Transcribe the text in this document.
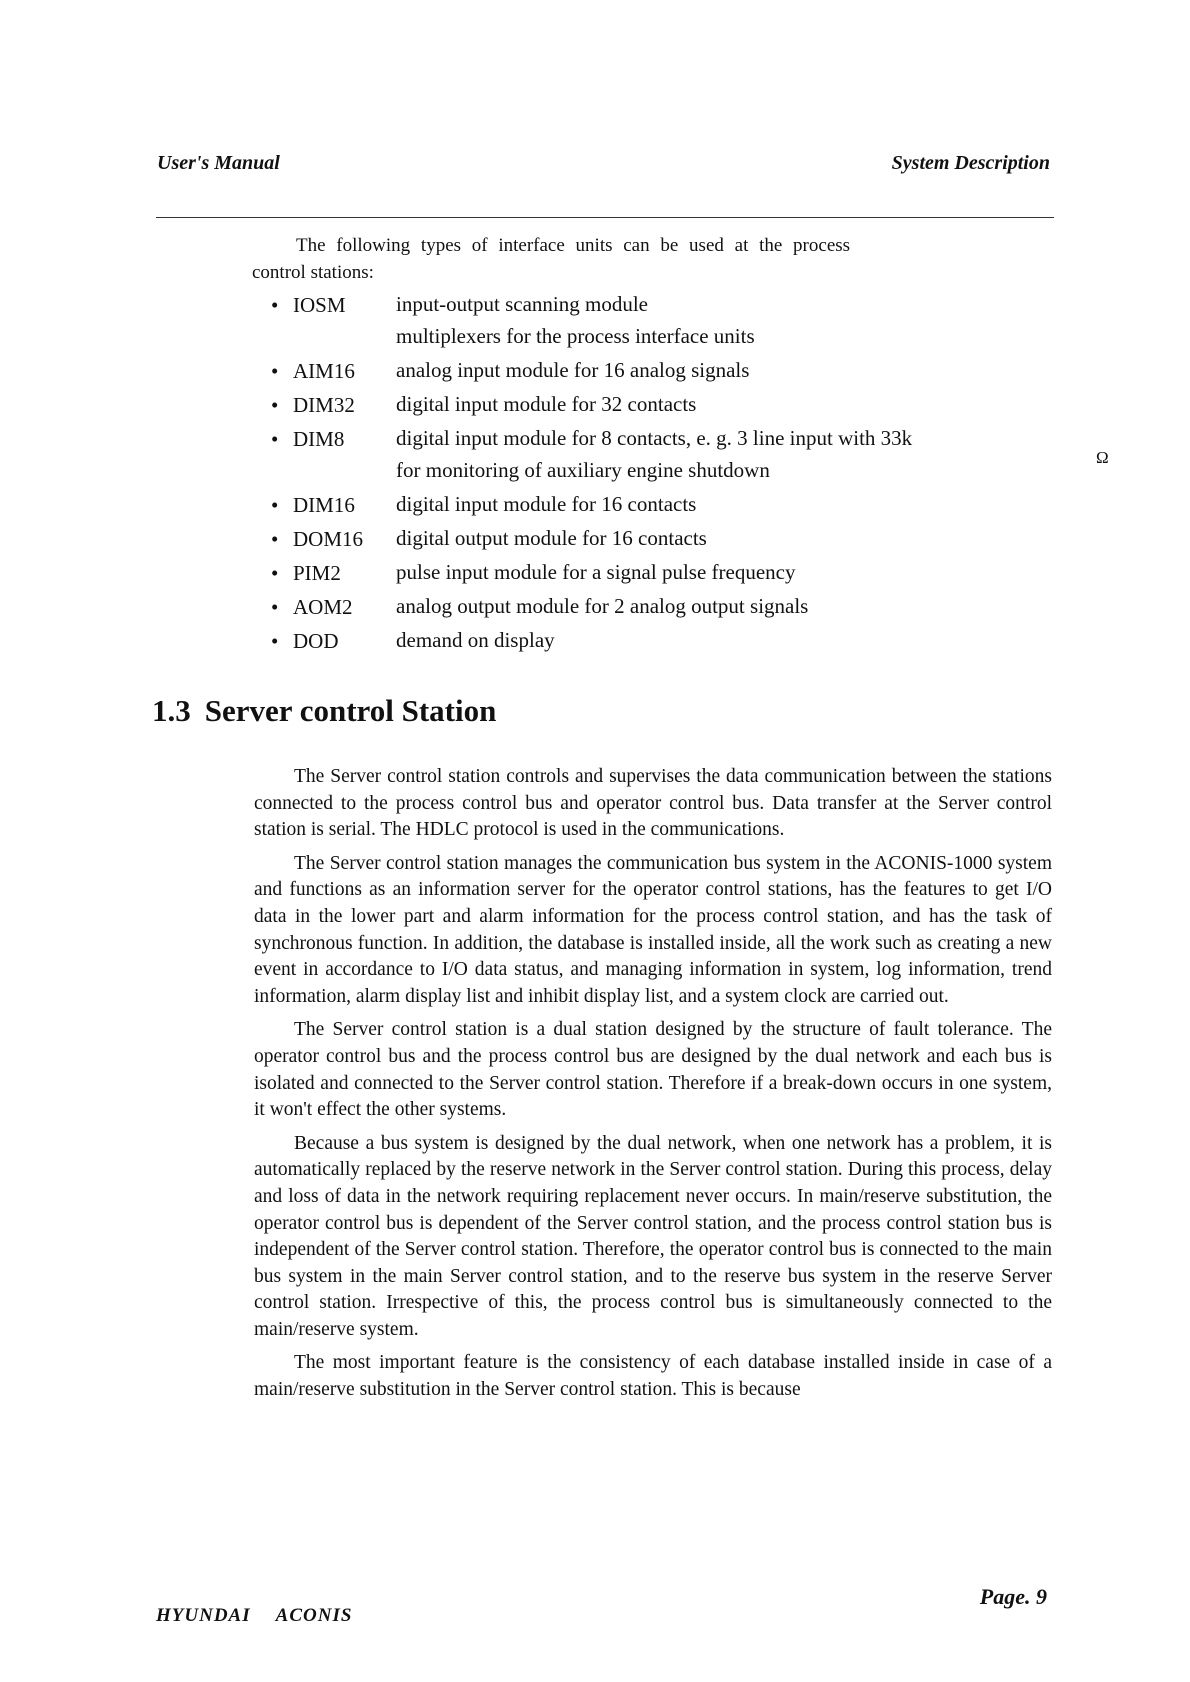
User's Manual	System Description
The following types of interface units can be used at the process
control stations:
• IOSM input-output scanning module
multiplexers for the process interface units
• AIM16 analog input module for 16 analog signals
• DIM32 digital input module for 32 contacts
• DIM8 digital input module for 8 contacts, e. g. 3 line input with 33k
for monitoring of auxiliary engine shutdown
Ω
• DIM16 digital input module for 16 contacts
• DOM16 digital output module for 16 contacts
• PIM2	pulse input module for a signal pulse frequency
• AOM2 analog output module for 2 analog output signals
• DOD	demand on display
1.3 Server control Station

The Server control station controls and supervises the data communication between the stations connected to the process control bus and operator control bus. Data transfer at the Server control station is serial. The HDLC protocol is used in the communications.

The Server control station manages the communication bus system in the ACONIS-1000 system and functions as an information server for the operator control stations, has the features to get I/O data in the lower part and alarm information for the process control station, and has the task of synchronous function. In addition, the database is installed inside, all the work such as creating a new event in accordance to I/O data status, and managing information in system, log information, trend information, alarm display list and inhibit display list, and a system clock are carried out.

The Server control station is a dual station designed by the structure of fault tolerance. The operator control bus and the process control bus are designed by the dual network and each bus is isolated and connected to the Server control station. Therefore if a break-down occurs in one system, it won't effect the other systems.

Because a bus system is designed by the dual network, when one network has a problem, it is automatically replaced by the reserve network in the Server control station. During this process, delay and loss of data in the network requiring replacement never occurs. In main/reserve substitution, the operator control bus is dependent of the Server control station, and the process control station bus is independent of the Server control station. Therefore, the operator control bus is connected to the main bus system in the main Server control station, and to the reserve bus system in the reserve Server control station. Irrespective of this, the process control bus is simultaneously connected to the main/reserve system.

The most important feature is the consistency of each database installed inside in case of a main/reserve substitution in the Server control station. This is because

HYUNDAI ACONIS
Page. 9
